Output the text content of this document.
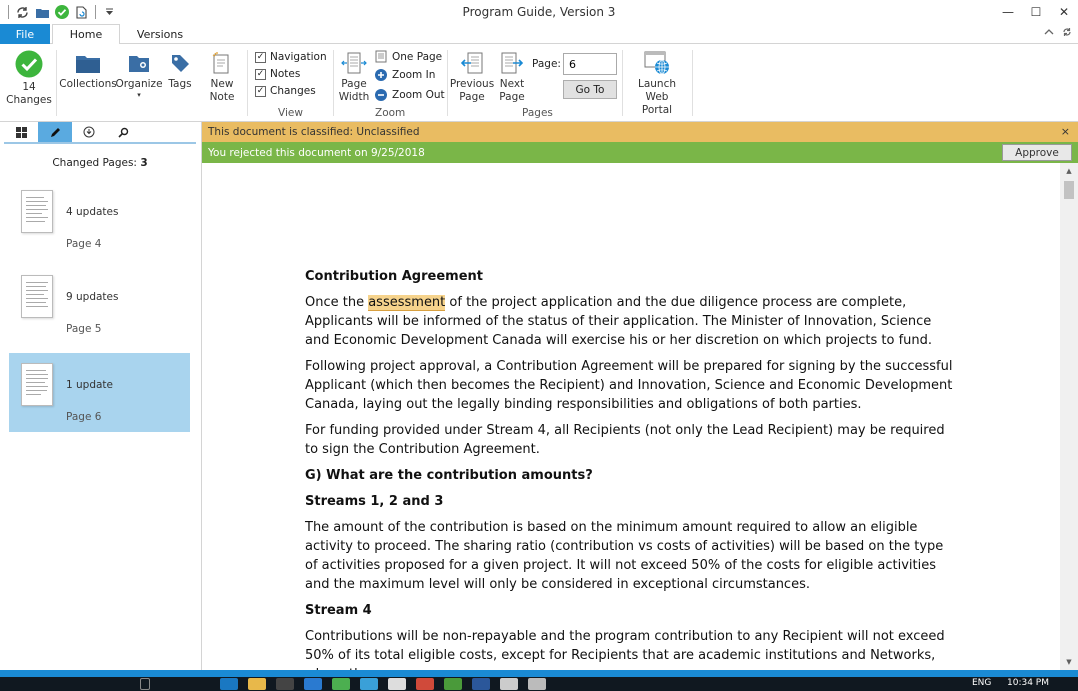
Program Guide, Version 3	—	☐	✕
File	Home	Versions
14
Changes
Collections
Organize
▾
Tags New
Note
✓ Navigation
✓ Notes
✓ Changes
View
Page
Width
One Page
Zoom In
Zoom Out
Zoom
Previous
Page
Next
Page
Page:
6
Go To
Pages
Launch Web
Portal
Changed Pages: 3
4 updates
Page 4
9 updates
Page 5
1 update
Page 6
This document is classified: Unclassified	×
You rejected this document on 9/25/2018	Approve
Contribution Agreement

Once the assessment of the project application and the due diligence process are complete, Applicants will be informed of the status of their application. The Minister of Innovation, Science and Economic Development Canada will exercise his or her discretion on which projects to fund.

Following project approval, a Contribution Agreement will be prepared for signing by the successful Applicant (which then becomes the Recipient) and Innovation, Science and Economic Development Canada, laying out the legally binding responsibilities and obligations of both parties.

For funding provided under Stream 4, all Recipients (not only the Lead Recipient) may be required to sign the Contribution Agreement.

G) What are the contribution amounts?
Streams 1, 2 and 3

The amount of the contribution is based on the minimum amount required to allow an eligible activity to proceed. The sharing ratio (contribution vs costs of activities) will be based on the type of activities proposed for a given project. It will not exceed 50% of the costs for eligible activities and the maximum level will only be considered in exceptional circumstances.

Stream 4

Contributions will be non-repayable and the program contribution to any Recipient will not exceed 50% of its total eligible costs, except for Recipients that are academic institutions and Networks,

▲
▼
ENG 10:34 PM
